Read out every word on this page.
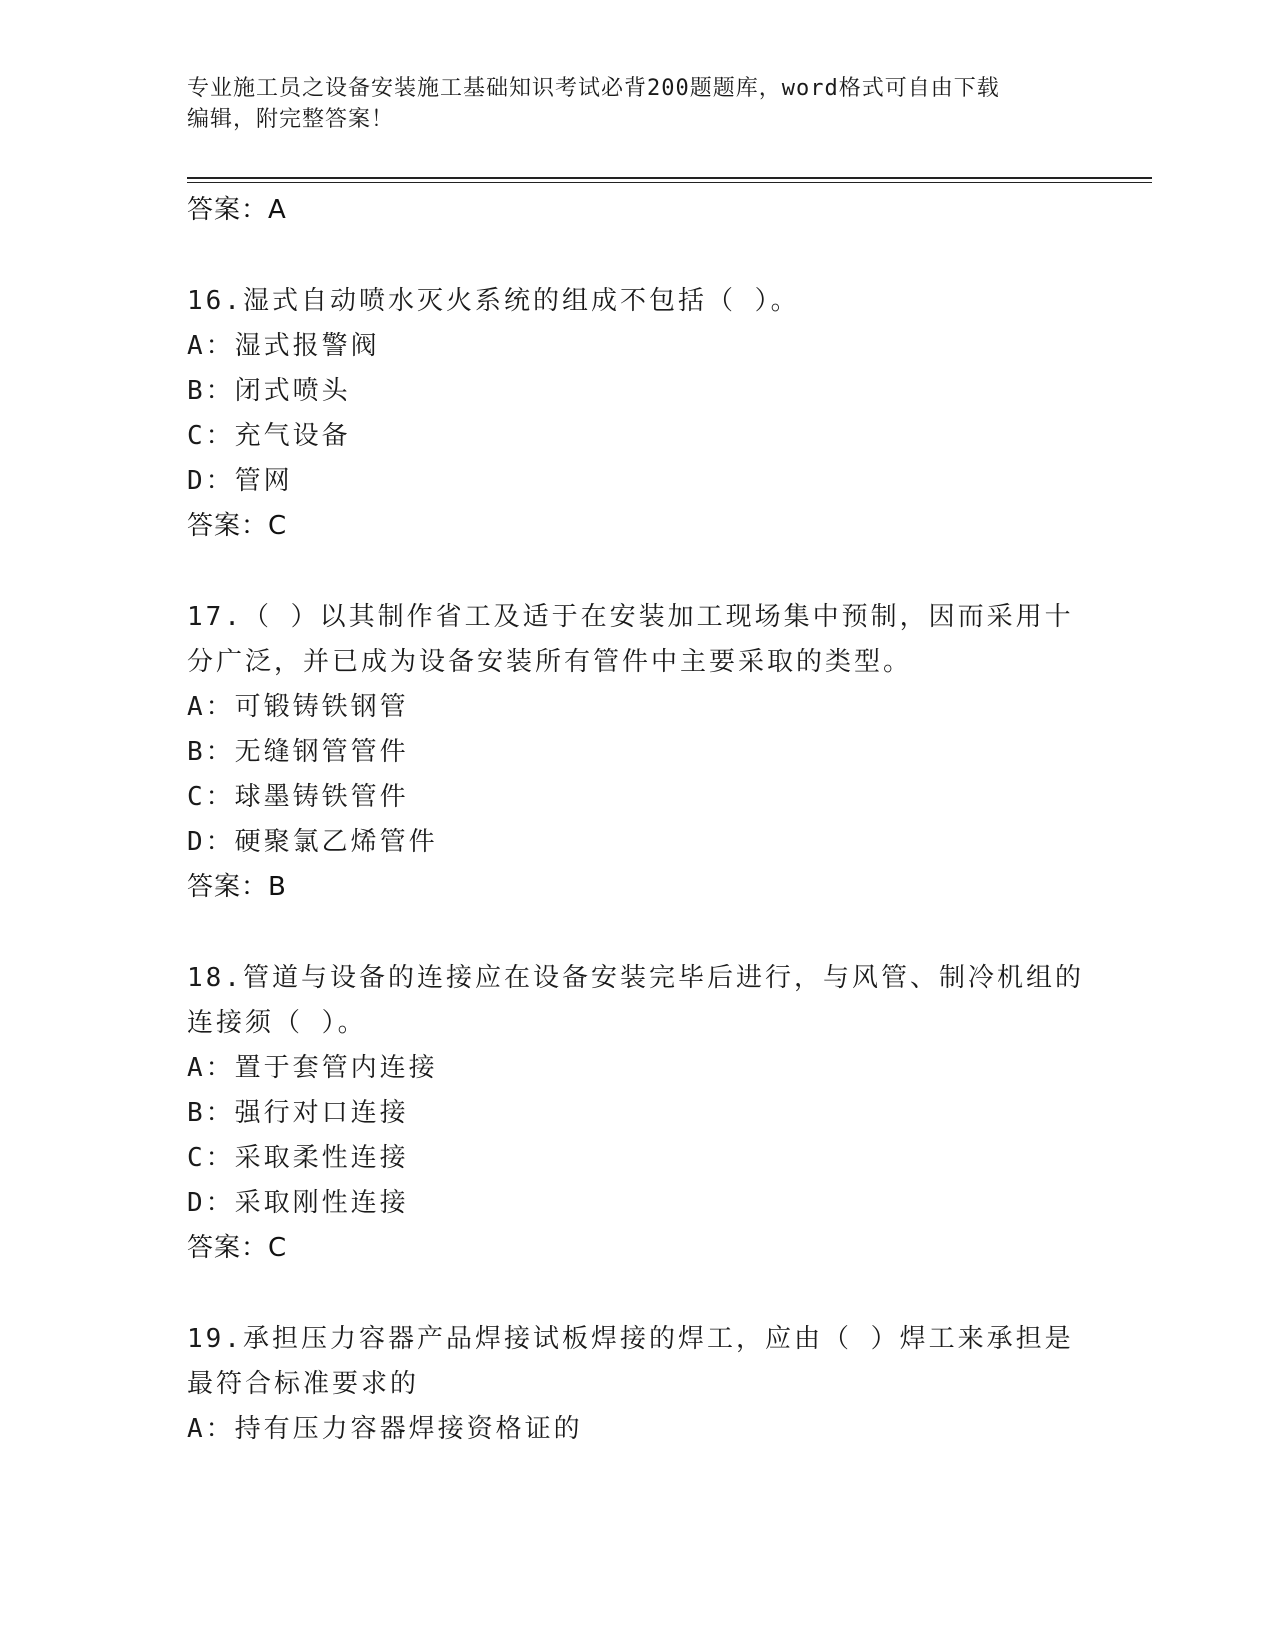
专业施工员之设备安装施工基础知识考试必背200题题库，word格式可自由下载
编辑，附完整答案！
答案：A
16.湿式自动喷水灭火系统的组成不包括（ ）。
A：湿式报警阀
B：闭式喷头
C：充气设备
D：管网
答案：C
17.（ ）以其制作省工及适于在安装加工现场集中预制，因而采用十
分广泛，并已成为设备安装所有管件中主要采取的类型。
A：可锻铸铁钢管
B：无缝钢管管件
C：球墨铸铁管件
D：硬聚氯乙烯管件
答案：B
18.管道与设备的连接应在设备安装完毕后进行，与风管、制冷机组的
连接须（ ）。
A：置于套管内连接
B：强行对口连接
C：采取柔性连接
D：采取刚性连接
答案：C
19.承担压力容器产品焊接试板焊接的焊工，应由（ ）焊工来承担是
最符合标准要求的
A：持有压力容器焊接资格证的
